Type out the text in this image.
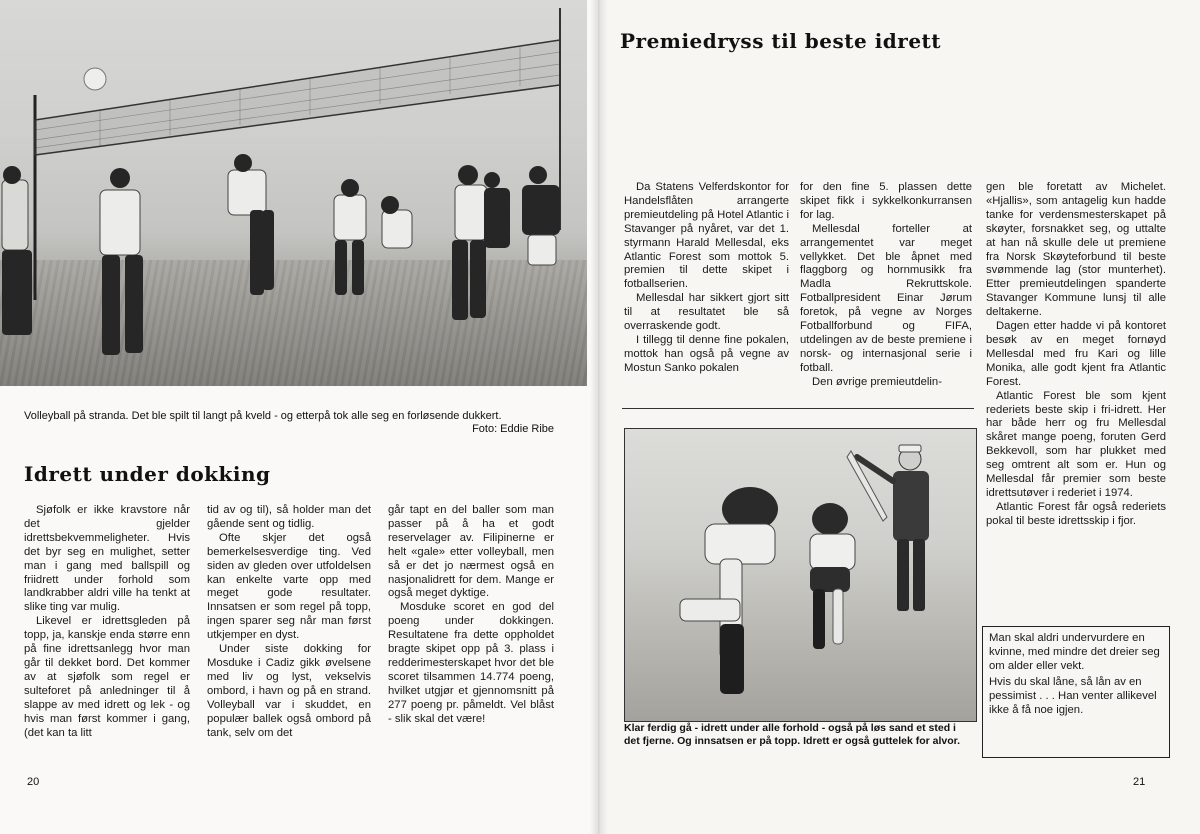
Volleyball på stranda. Det ble spilt til langt på kveld - og etterpå tok alle seg en forløsende dukkert.
Foto: Eddie Ribe
Idrett under dokking

Sjøfolk er ikke kravstore når det gjelder idrettsbekvemmeligheter. Hvis det byr seg en mulighet, setter man i gang med ballspill og friidrett under forhold som landkrabber aldri ville ha tenkt at slike ting var mulig.

Likevel er idrettsgleden på topp, ja, kanskje enda større enn på fine idrettsanlegg hvor man går til dekket bord. Det kommer av at sjøfolk som regel er sulteforet på anledninger til å slappe av med idrett og lek - og hvis man først kommer i gang, (det kan ta litt

tid av og til), så holder man det gående sent og tidlig.

Ofte skjer det også bemerkelsesverdige ting. Ved siden av gleden over utfoldelsen kan enkelte varte opp med meget gode resultater. Innsatsen er som regel på topp, ingen sparer seg når man først utkjemper en dyst.

Under siste dokking for Mosduke i Cadiz gikk øvelsene med liv og lyst, vekselvis ombord, i havn og på en strand. Volleyball var i skuddet, en populær ballek også ombord på tank, selv om det

går tapt en del baller som man passer på å ha et godt reservelager av. Filipinerne er helt «gale» etter volleyball, men så er det jo nærmest også en nasjonalidrett for dem. Mange er også meget dyktige.

Mosduke scoret en god del poeng under dokkingen. Resultatene fra dette oppholdet bragte skipet opp på 3. plass i redderimesterskapet hvor det ble scoret tilsammen 14.774 poeng, hvilket utgjør et gjennomsnitt på 277 poeng pr. påmeldt. Vel blåst - slik skal det være!

20
Premiedryss til beste idrett

Da Statens Velferdskontor for Handelsflåten arrangerte premieutdeling på Hotel Atlantic i Stavanger på nyåret, var det 1. styrmann Harald Mellesdal, eks Atlantic Forest som mottok 5. premien til dette skipet i fotballserien.

Mellesdal har sikkert gjort sitt til at resultatet ble så overraskende godt.

I tillegg til denne fine pokalen, mottok han også på vegne av Mostun Sanko pokalen

for den fine 5. plassen dette skipet fikk i sykkelkonkurransen for lag.

Mellesdal forteller at arrangementet var meget vellykket. Det ble åpnet med flaggborg og hornmusikk fra Madla Rekruttskole. Fotballpresident Einar Jørum foretok, på vegne av Norges Fotballforbund og FIFA, utdelingen av de beste premiene i norsk- og internasjonal serie i fotball.

Den øvrige premieutdelin-

gen ble foretatt av Michelet. «Hjallis», som antagelig kun hadde tanke for verdensmesterskapet på skøyter, forsnakket seg, og uttalte at han nå skulle dele ut premiene fra Norsk Skøyteforbund til beste svømmende lag (stor munterhet). Etter premieutdelingen spanderte Stavanger Kommune lunsj til alle deltakerne.

Dagen etter hadde vi på kontoret besøk av en meget fornøyd Mellesdal med fru Kari og lille Monika, alle godt kjent fra Atlantic Forest.

Atlantic Forest ble som kjent rederiets beste skip i fri-idrett. Her har både herr og fru Mellesdal skåret mange poeng, foruten Gerd Bekkevoll, som har plukket med seg omtrent alt som er. Hun og Mellesdal får premier som beste idrettsutøver i rederiet i 1974.

Atlantic Forest får også rederiets pokal til beste idrettsskip i fjor.

Klar ferdig gå - idrett under alle forhold - også på løs sand et sted i det fjerne. Og innsatsen er på topp. Idrett er også guttelek for alvor.

Man skal aldri undervurdere en kvinne, med mindre det dreier seg om alder eller vekt.

Hvis du skal låne, så lån av en pessimist . . . Han venter allikevel ikke å få noe igjen.

21
